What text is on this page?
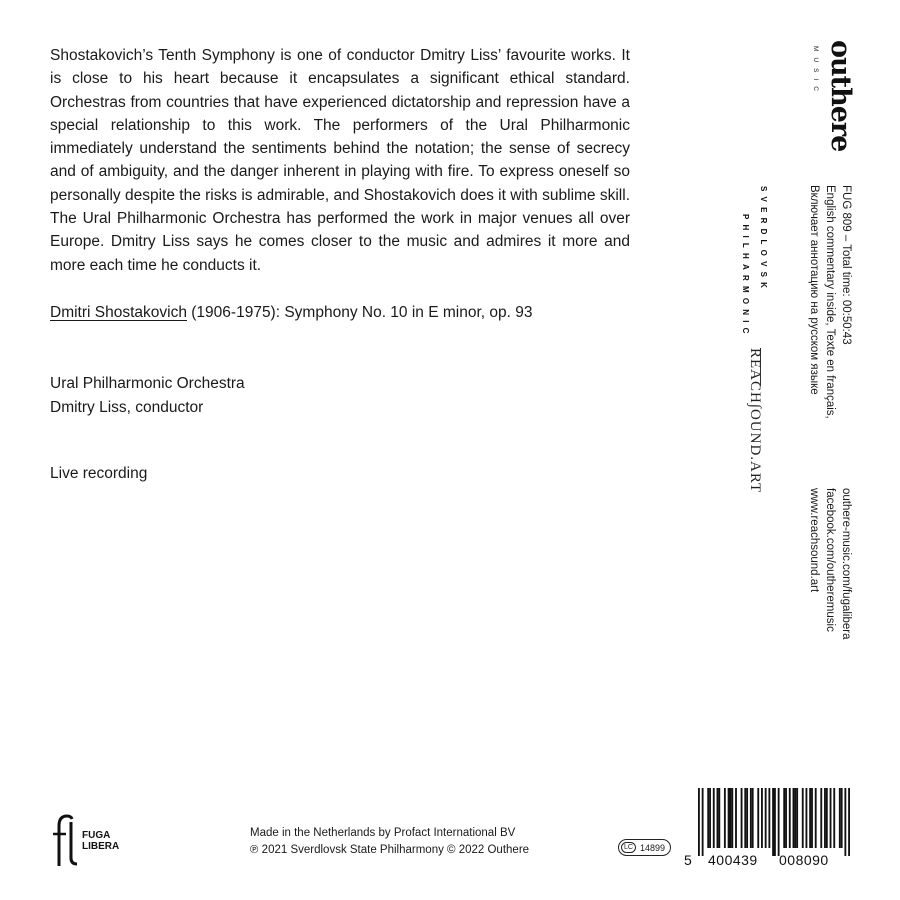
Shostakovich’s Tenth Symphony is one of conductor Dmitry Liss’ favourite works. It is close to his heart because it encapsulates a significant ethical standard. Orchestras from countries that have experienced dictatorship and repression have a special relationship to this work. The performers of the Ural Philharmonic immediately understand the sentiments behind the notation; the sense of secrecy and of ambiguity, and the danger inherent in playing with fire. To express oneself so personally despite the risks is admirable, and Shostakovich does it with sublime skill. The Ural Philharmonic Orchestra has performed the work in major venues all over Europe. Dmitry Liss says he comes closer to the music and admires it more and more each time he conducts it.

Dmitri Shostakovich (1906-1975): Symphony No. 10 in E minor, op. 93
Ural Philharmonic Orchestra
Dmitry Liss, conductor
Live recording
outhere
MUSIC
FUG 809 – Total time: 00:50:43
English commentary inside, Texte en français,
Включает аннотацию на русском языке
outhere-music.com/fugalibera
facebook.com/outheremusic
www.reachsound.art
SVERDLOVSK
PHILHARMONIC
REACH∫OUND.ART
FUGA
LIBERA
Made in the Netherlands by Profact International BV
℗ 2021 Sverdlovsk State Philharmony © 2022 Outhere	LC 14899
5 400439 008090
